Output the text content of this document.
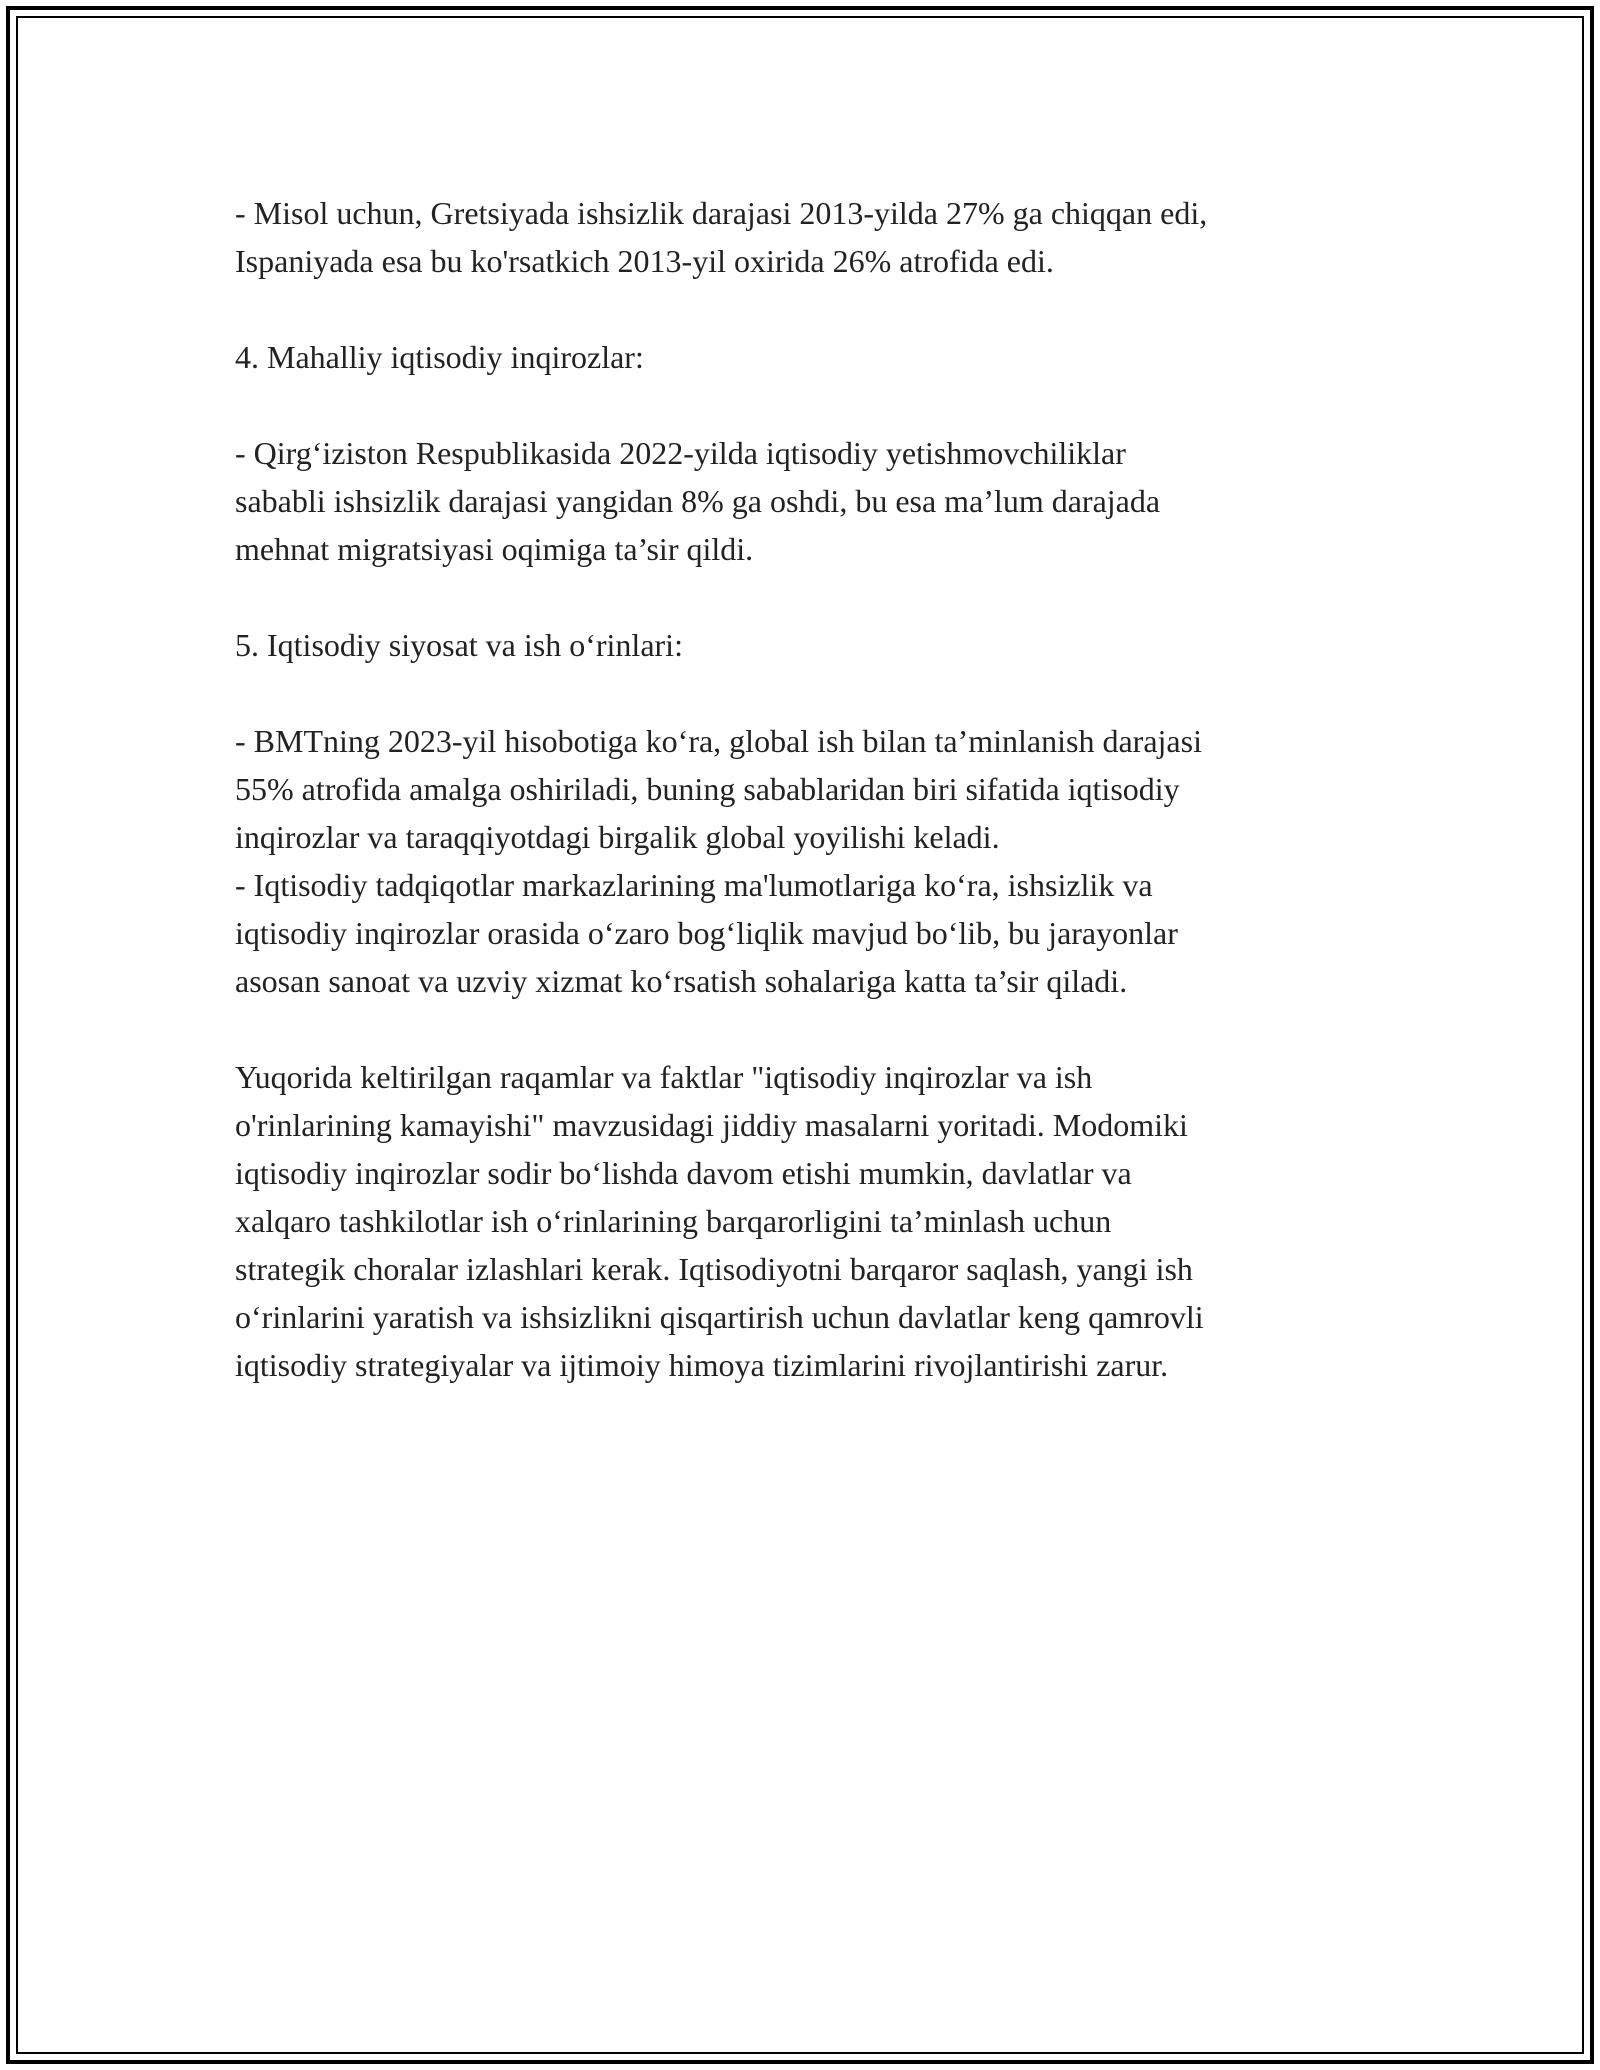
- Misol uchun, Gretsiyada ishsizlik darajasi 2013-yilda 27% ga chiqqan edi,
Ispaniyada esa bu ko'rsatkich 2013-yil oxirida 26% atrofida edi.

4. Mahalliy iqtisodiy inqirozlar:

- Qirg‘iziston Respublikasida 2022-yilda iqtisodiy yetishmovchiliklar
sababli ishsizlik darajasi yangidan 8% ga oshdi, bu esa ma’lum darajada
mehnat migratsiyasi oqimiga ta’sir qildi.

5. Iqtisodiy siyosat va ish o‘rinlari:

- BMTning 2023-yil hisobotiga ko‘ra, global ish bilan ta’minlanish darajasi
55% atrofida amalga oshiriladi, buning sabablaridan biri sifatida iqtisodiy
inqirozlar va taraqqiyotdagi birgalik global yoyilishi keladi.

- Iqtisodiy tadqiqotlar markazlarining ma'lumotlariga ko‘ra, ishsizlik va
iqtisodiy inqirozlar orasida o‘zaro bog‘liqlik mavjud bo‘lib, bu jarayonlar
asosan sanoat va uzviy xizmat ko‘rsatish sohalariga katta ta’sir qiladi.

Yuqorida keltirilgan raqamlar va faktlar "iqtisodiy inqirozlar va ish
o'rinlarining kamayishi" mavzusidagi jiddiy masalarni yoritadi. Modomiki
iqtisodiy inqirozlar sodir bo‘lishda davom etishi mumkin, davlatlar va
xalqaro tashkilotlar ish o‘rinlarining barqarorligini ta’minlash uchun
strategik choralar izlashlari kerak. Iqtisodiyotni barqaror saqlash, yangi ish
o‘rinlarini yaratish va ishsizlikni qisqartirish uchun davlatlar keng qamrovli
iqtisodiy strategiyalar va ijtimoiy himoya tizimlarini rivojlantirishi zarur.
